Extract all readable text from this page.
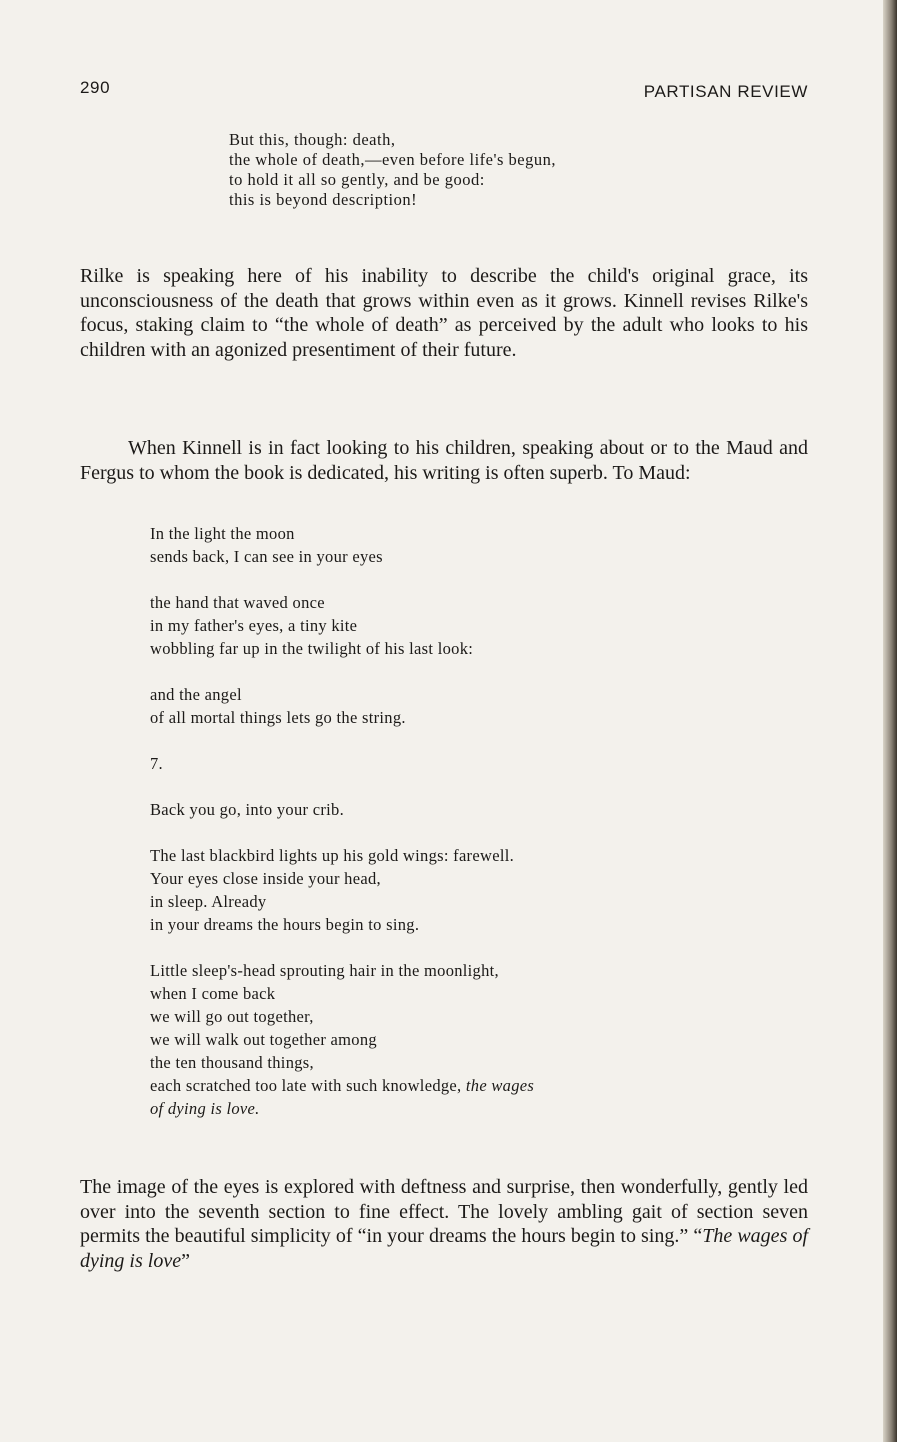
290	PARTISAN REVIEW
But this, though: death,
the whole of death,—even before life's begun,
to hold it all so gently, and be good:
this is beyond description!

Rilke is speaking here of his inability to describe the child's original grace, its unconsciousness of the death that grows within even as it grows. Kinnell revises Rilke's focus, staking claim to “the whole of death” as perceived by the adult who looks to his children with an agonized presentiment of their future.

When Kinnell is in fact looking to his children, speaking about or to the Maud and Fergus to whom the book is dedicated, his writing is often superb. To Maud:

In the light the moon
sends back, I can see in your eyes
the hand that waved once
in my father's eyes, a tiny kite
wobbling far up in the twilight of his last look:
and the angel
of all mortal things lets go the string.
7.
Back you go, into your crib.
The last blackbird lights up his gold wings: farewell.
Your eyes close inside your head,
in sleep. Already
in your dreams the hours begin to sing.
Little sleep's-head sprouting hair in the moonlight,
when I come back
we will go out together,
we will walk out together among
the ten thousand things,
each scratched too late with such knowledge, the wages
of dying is love.

The image of the eyes is explored with deftness and surprise, then wonderfully, gently led over into the seventh section to fine effect. The lovely ambling gait of section seven permits the beautiful simplicity of “in your dreams the hours begin to sing.” “The wages of dying is love”
